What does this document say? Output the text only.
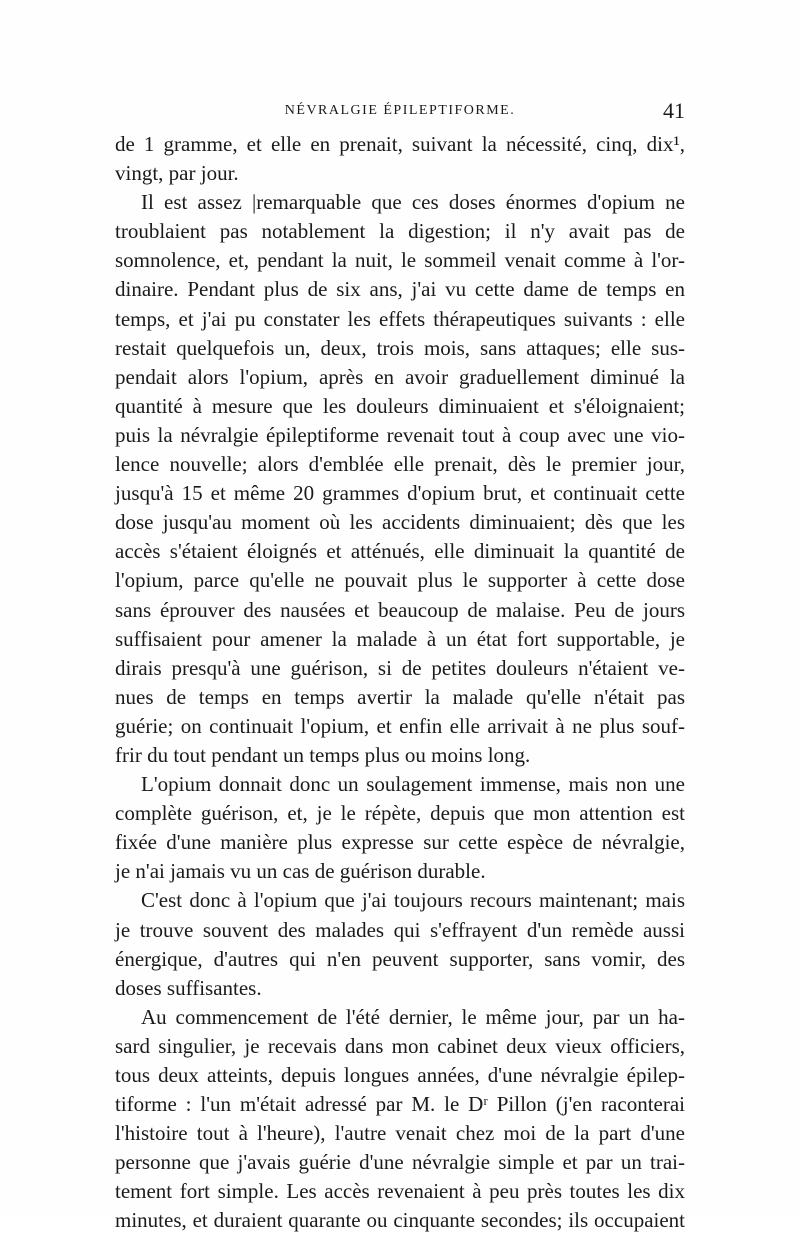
NÉVRALGIE ÉPILEPTIFORME.	41
de 1 gramme, et elle en prenait, suivant la nécessité, cinq, dix¹,
vingt, par jour.
Il est assez |remarquable que ces doses énormes d'opium ne
troublaient pas notablement la digestion; il n'y avait pas de
somnolence, et, pendant la nuit, le sommeil venait comme à l'or-
dinaire. Pendant plus de six ans, j'ai vu cette dame de temps en
temps, et j'ai pu constater les effets thérapeutiques suivants : elle
restait quelquefois un, deux, trois mois, sans attaques; elle sus-
pendait alors l'opium, après en avoir graduellement diminué la
quantité à mesure que les douleurs diminuaient et s'éloignaient;
puis la névralgie épileptiforme revenait tout à coup avec une vio-
lence nouvelle; alors d'emblée elle prenait, dès le premier jour,
jusqu'à 15 et même 20 grammes d'opium brut, et continuait cette
dose jusqu'au moment où les accidents diminuaient; dès que les
accès s'étaient éloignés et atténués, elle diminuait la quantité de
l'opium, parce qu'elle ne pouvait plus le supporter à cette dose
sans éprouver des nausées et beaucoup de malaise. Peu de jours
suffisaient pour amener la malade à un état fort supportable, je
dirais presqu'à une guérison, si de petites douleurs n'étaient ve-
nues de temps en temps avertir la malade qu'elle n'était pas
guérie; on continuait l'opium, et enfin elle arrivait à ne plus souf-
frir du tout pendant un temps plus ou moins long.
L'opium donnait donc un soulagement immense, mais non une
complète guérison, et, je le répète, depuis que mon attention est
fixée d'une manière plus expresse sur cette espèce de névralgie,
je n'ai jamais vu un cas de guérison durable.
C'est donc à l'opium que j'ai toujours recours maintenant; mais
je trouve souvent des malades qui s'effrayent d'un remède aussi
énergique, d'autres qui n'en peuvent supporter, sans vomir, des
doses suffisantes.
Au commencement de l'été dernier, le même jour, par un ha-
sard singulier, je recevais dans mon cabinet deux vieux officiers,
tous deux atteints, depuis longues années, d'une névralgie épilep-
tiforme : l'un m'était adressé par M. le Dʳ Pillon (j'en raconterai
l'histoire tout à l'heure), l'autre venait chez moi de la part d'une
personne que j'avais guérie d'une névralgie simple et par un trai-
tement fort simple. Les accès revenaient à peu près toutes les dix
minutes, et duraient quarante ou cinquante secondes; ils occupaient
